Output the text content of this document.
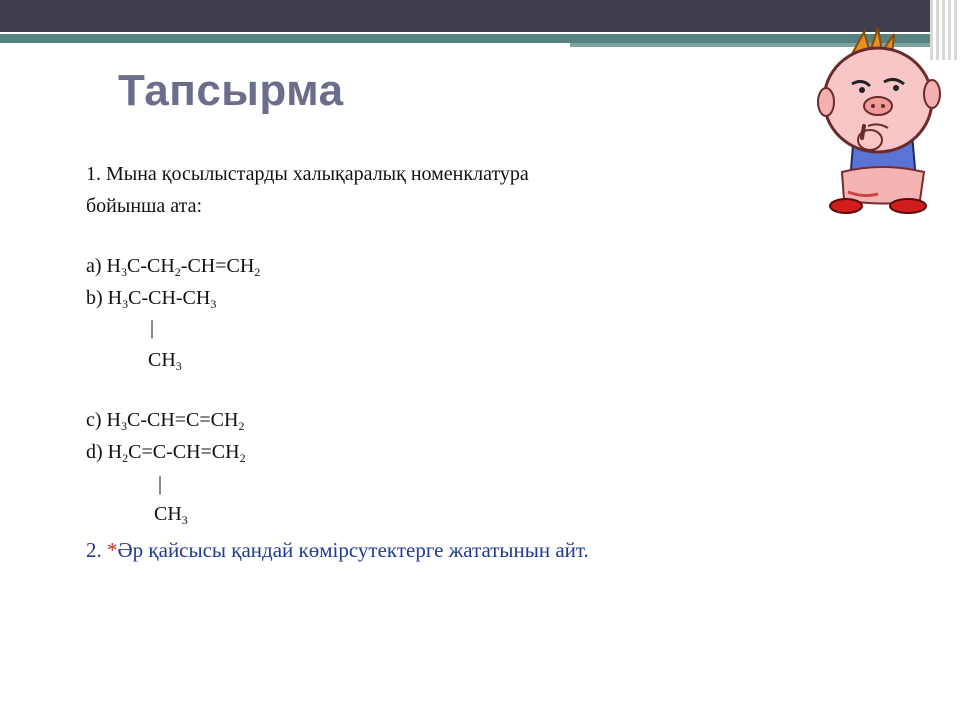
Тапсырма
1. Мына қосылыстарды халықаралық номенклатура
бойынша ата:
а) $H_3C-CH_2-CH=CH_2$
b) $H_3C-CH-CH_3$
|
$CH_3$
c) $H_3C-CH=C=CH_2$
d) $H_2C=C-CH=CH_2$
|
$CH_3$
2. *Әр қайсысы қандай көмірсутектерге жататынын айт.
